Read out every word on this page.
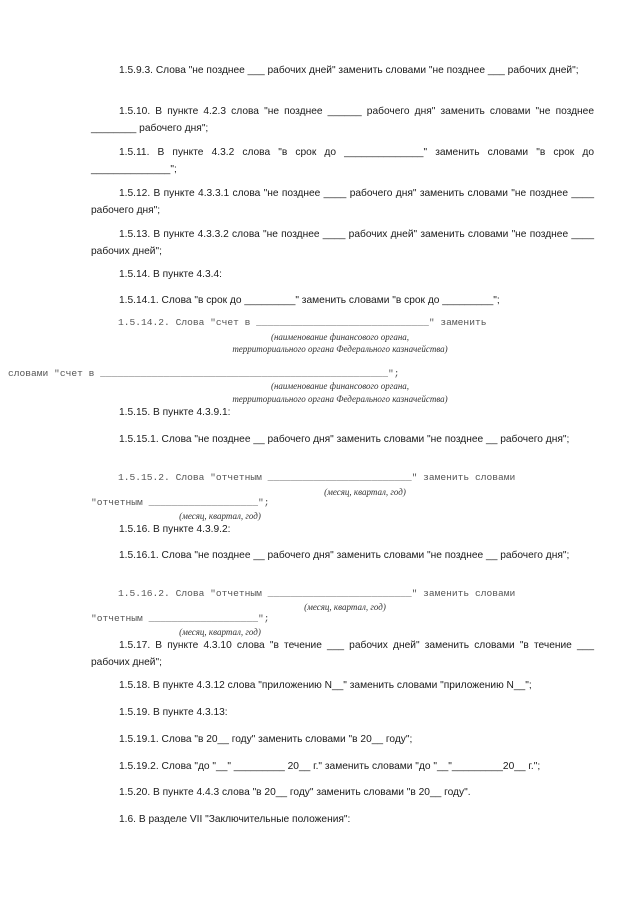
1.5.9.3. Слова "не позднее ___ рабочих дней" заменить словами "не позднее ___ рабочих дней";

1.5.10. В пункте 4.2.3 слова "не позднее ______ рабочего дня" заменить словами "не позднее ________ рабочего дня";

1.5.11. В пункте 4.3.2 слова "в срок до ______________" заменить словами "в срок до ______________";

1.5.12. В пункте 4.3.3.1 слова "не позднее ____ рабочего дня" заменить словами "не позднее ____ рабочего дня";

1.5.13. В пункте 4.3.3.2 слова "не позднее ____ рабочих дней" заменить словами "не позднее ____ рабочих дней";

1.5.14. В пункте 4.3.4:

1.5.14.1. Слова "в срок до _________" заменить словами "в срок до _________";

1.5.14.2. Слова "счет в ______________________________" заменить

(наименование финансового органа,

территориального органа Федерального казначейства)

словами "счет в __________________________________________________";

(наименование финансового органа,

территориального органа Федерального казначейства)

1.5.15. В пункте 4.3.9.1:

1.5.15.1. Слова "не позднее __ рабочего дня" заменить словами "не позднее __ рабочего дня";

1.5.15.2. Слова "отчетным _________________________" заменить словами

(месяц, квартал, год)

"отчетным ___________________";

(месяц, квартал, год)

1.5.16. В пункте 4.3.9.2:

1.5.16.1. Слова "не позднее __ рабочего дня" заменить словами "не позднее __ рабочего дня";

1.5.16.2. Слова "отчетным _________________________" заменить словами

(месяц, квартал, год)

"отчетным ___________________";

(месяц, квартал, год)

1.5.17. В пункте 4.3.10 слова "в течение ___ рабочих дней" заменить словами "в течение ___ рабочих дней";

1.5.18. В пункте 4.3.12 слова "приложению N__" заменить словами "приложению N__";

1.5.19. В пункте 4.3.13:

1.5.19.1. Слова "в 20__ году" заменить словами "в 20__ году";

1.5.19.2. Слова "до "__" _________ 20__ г." заменить словами "до "__"_________20__ г.";

1.5.20. В пункте 4.4.3 слова "в 20__ году" заменить словами "в 20__ году".

1.6. В разделе VII "Заключительные положения":
